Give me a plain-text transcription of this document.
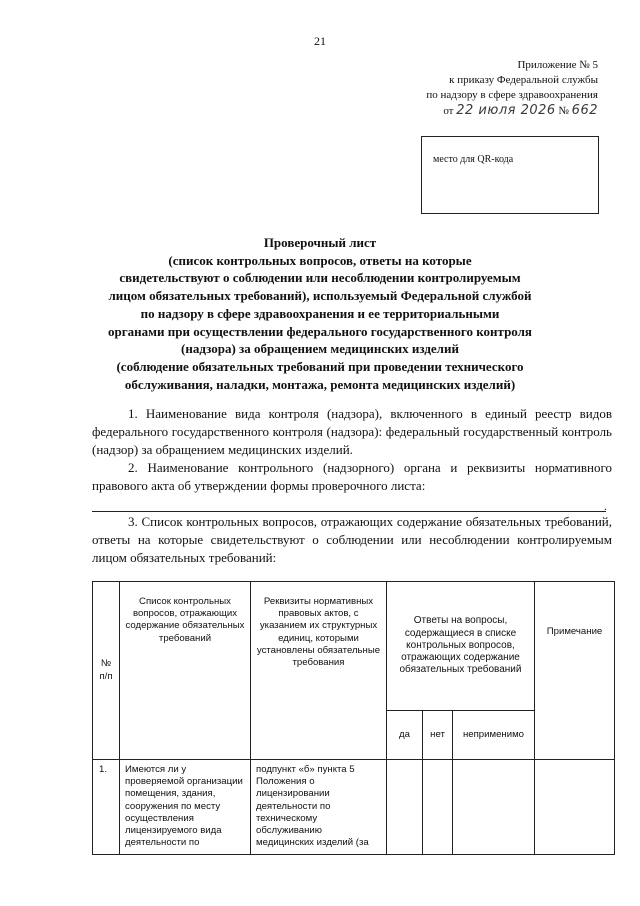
21
Приложение № 5
к приказу Федеральной службы
по надзору в сфере здравоохранения
от 22 июля 2026 № 662
место для QR-кода
Проверочный лист
(список контрольных вопросов, ответы на которые
свидетельствуют о соблюдении или несоблюдении контролируемым
лицом обязательных требований), используемый Федеральной службой
по надзору в сфере здравоохранения и ее территориальными
органами при осуществлении федерального государственного контроля
(надзора) за обращением медицинских изделий
(соблюдение обязательных требований при проведении технического
обслуживания, наладки, монтажа, ремонта медицинских изделий)
1. Наименование вида контроля (надзора), включенного в единый реестр видов федерального государственного контроля (надзора): федеральный государственный контроль (надзор) за обращением медицинских изделий.
2. Наименование контрольного (надзорного) органа и реквизиты нормативного правового акта об утверждении формы проверочного листа:
.
3. Список контрольных вопросов, отражающих содержание обязательных требований, ответы на которые свидетельствуют о соблюдении или несоблюдении контролируемым лицом обязательных требований:
№ п/п	Список контрольных вопросов, отражающих содержание обязательных требований	Реквизиты нормативных правовых актов, с указанием их структурных единиц, которыми установлены обязательные требования	Ответы на вопросы, содержащиеся в списке контрольных вопросов, отражающих содержание обязательных требований			Примечание

			да	нет	неприменимо	

1.	Имеются ли у проверяемой организации помещения, здания, сооружения по месту осуществления лицензируемого вида деятельности по	подпункт «б» пункта 5 Положения о лицензировании деятельности по техническому обслуживанию медицинских изделий (за				
